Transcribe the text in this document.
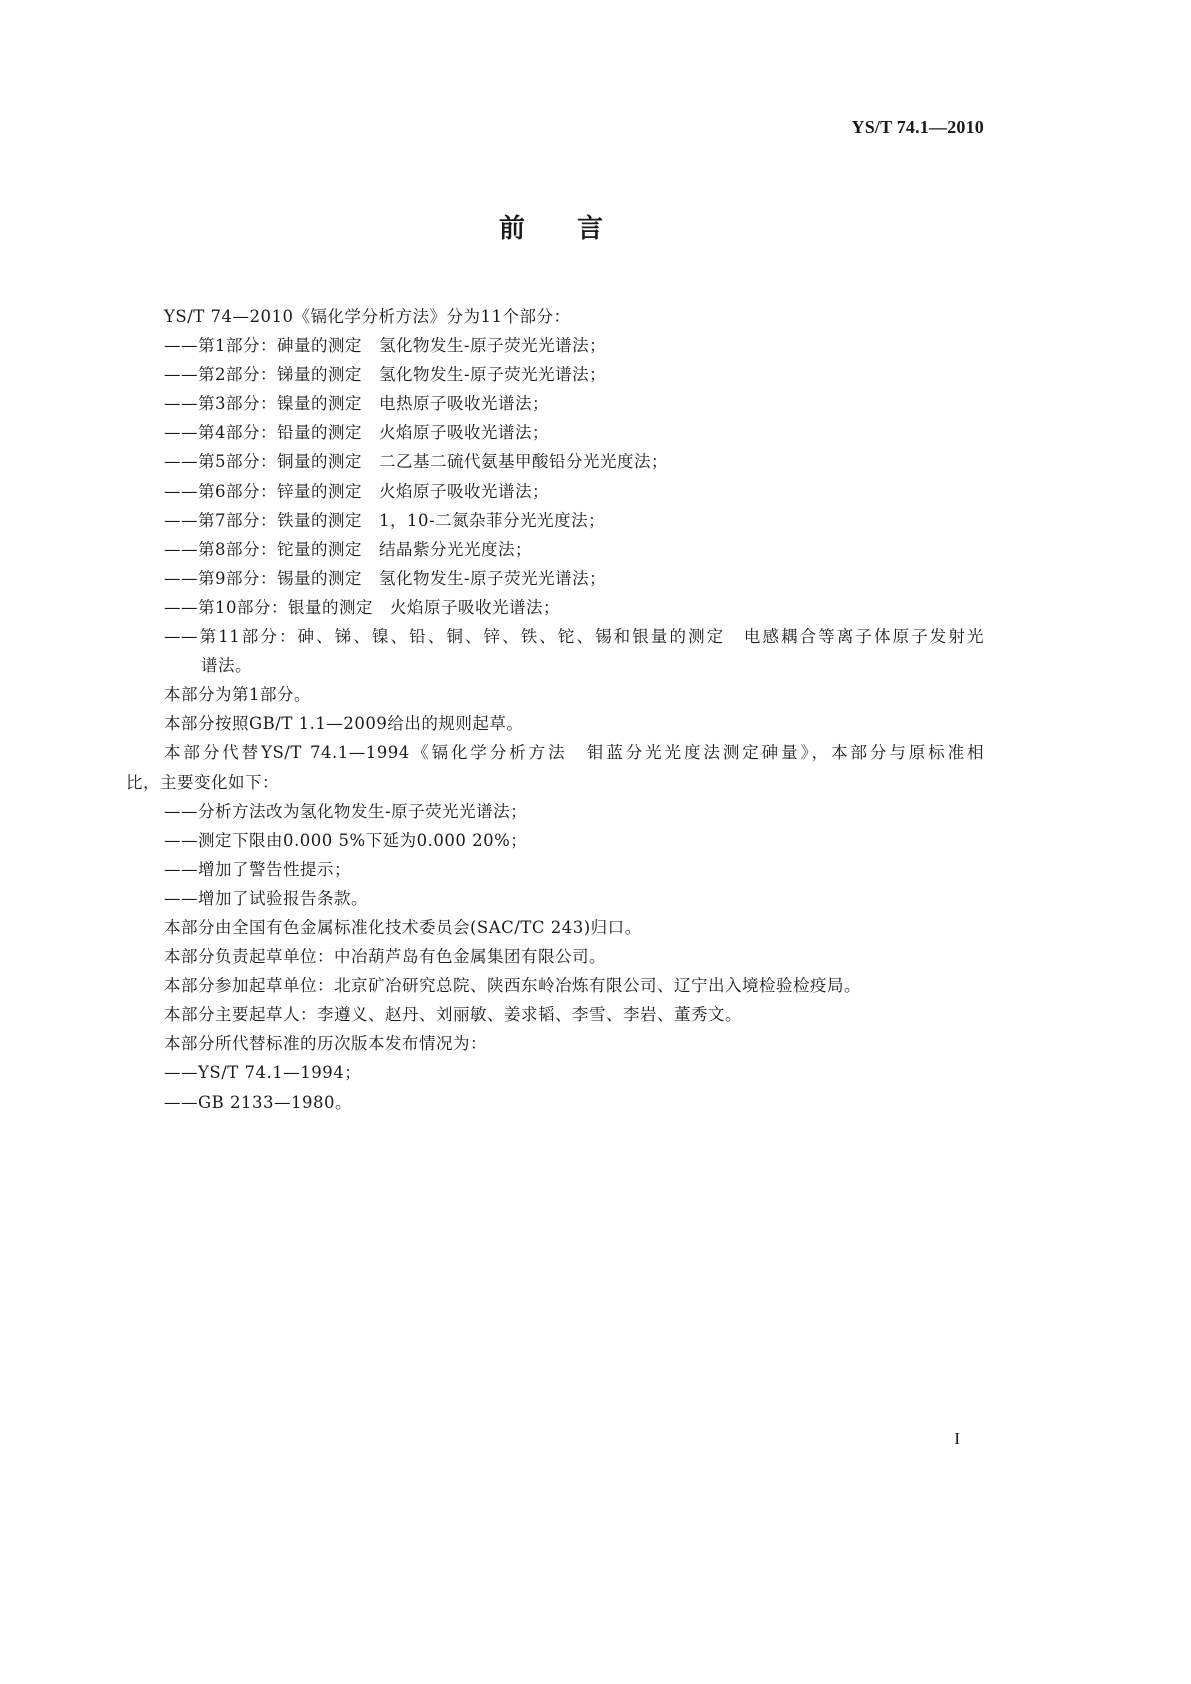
YS/T 74.1—2010
前言
YS/T 74—2010《镉化学分析方法》分为11个部分：
——第1部分：砷量的测定　氢化物发生-原子荧光光谱法；
——第2部分：锑量的测定　氢化物发生-原子荧光光谱法；
——第3部分：镍量的测定　电热原子吸收光谱法；
——第4部分：铅量的测定　火焰原子吸收光谱法；
——第5部分：铜量的测定　二乙基二硫代氨基甲酸铅分光光度法；
——第6部分：锌量的测定　火焰原子吸收光谱法；
——第7部分：铁量的测定　1，10-二氮杂菲分光光度法；
——第8部分：铊量的测定　结晶紫分光光度法；
——第9部分：锡量的测定　氢化物发生-原子荧光光谱法；
——第10部分：银量的测定　火焰原子吸收光谱法；
——第11部分：砷、锑、镍、铅、铜、锌、铁、铊、锡和银量的测定　电感耦合等离子体原子发射光
谱法。
本部分为第1部分。
本部分按照GB/T 1.1—2009给出的规则起草。
本部分代替YS/T 74.1—1994《镉化学分析方法　钼蓝分光光度法测定砷量》，本部分与原标准相
比，主要变化如下：
——分析方法改为氢化物发生-原子荧光光谱法；
——测定下限由0.000 5%下延为0.000 20%；
——增加了警告性提示；
——增加了试验报告条款。
本部分由全国有色金属标准化技术委员会(SAC/TC 243)归口。
本部分负责起草单位：中冶葫芦岛有色金属集团有限公司。
本部分参加起草单位：北京矿冶研究总院、陕西东岭冶炼有限公司、辽宁出入境检验检疫局。
本部分主要起草人：李遵义、赵丹、刘丽敏、姜求韬、李雪、李岩、董秀文。
本部分所代替标准的历次版本发布情况为：
——YS/T 74.1—1994；
——GB 2133—1980。
I
